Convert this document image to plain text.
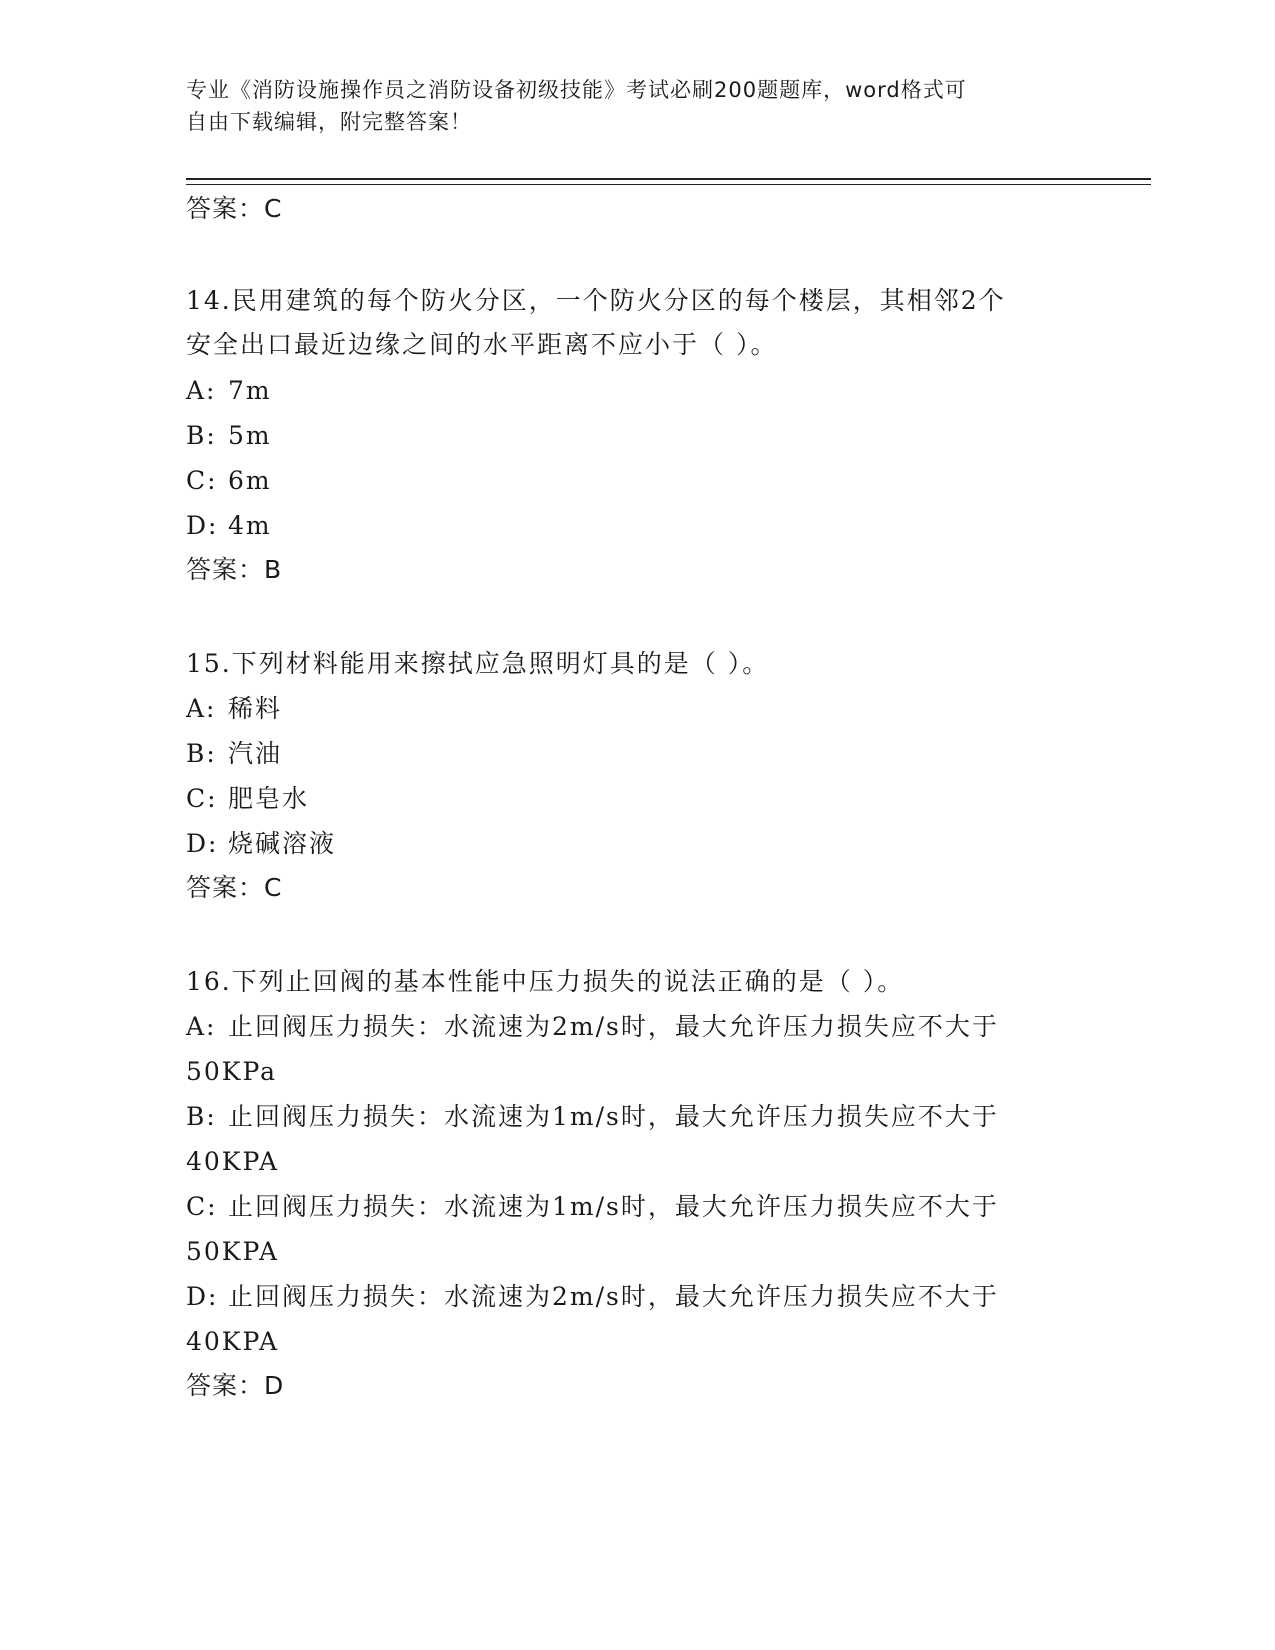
专业《消防设施操作员之消防设备初级技能》考试必刷200题题库，word格式可
自由下载编辑，附完整答案！
答案：C
14.民用建筑的每个防火分区，一个防火分区的每个楼层，其相邻2个
安全出口最近边缘之间的水平距离不应小于（ ）。
A: 7m
B: 5m
C: 6m
D: 4m
答案：B
15.下列材料能用来擦拭应急照明灯具的是（ ）。
A: 稀料
B: 汽油
C: 肥皂水
D: 烧碱溶液
答案：C
16.下列止回阀的基本性能中压力损失的说法正确的是（ ）。
A: 止回阀压力损失：水流速为2m/s时，最大允许压力损失应不大于
50KPa
B: 止回阀压力损失：水流速为1m/s时，最大允许压力损失应不大于
40KPA
C: 止回阀压力损失：水流速为1m/s时，最大允许压力损失应不大于
50KPA
D: 止回阀压力损失：水流速为2m/s时，最大允许压力损失应不大于
40KPA
答案：D
